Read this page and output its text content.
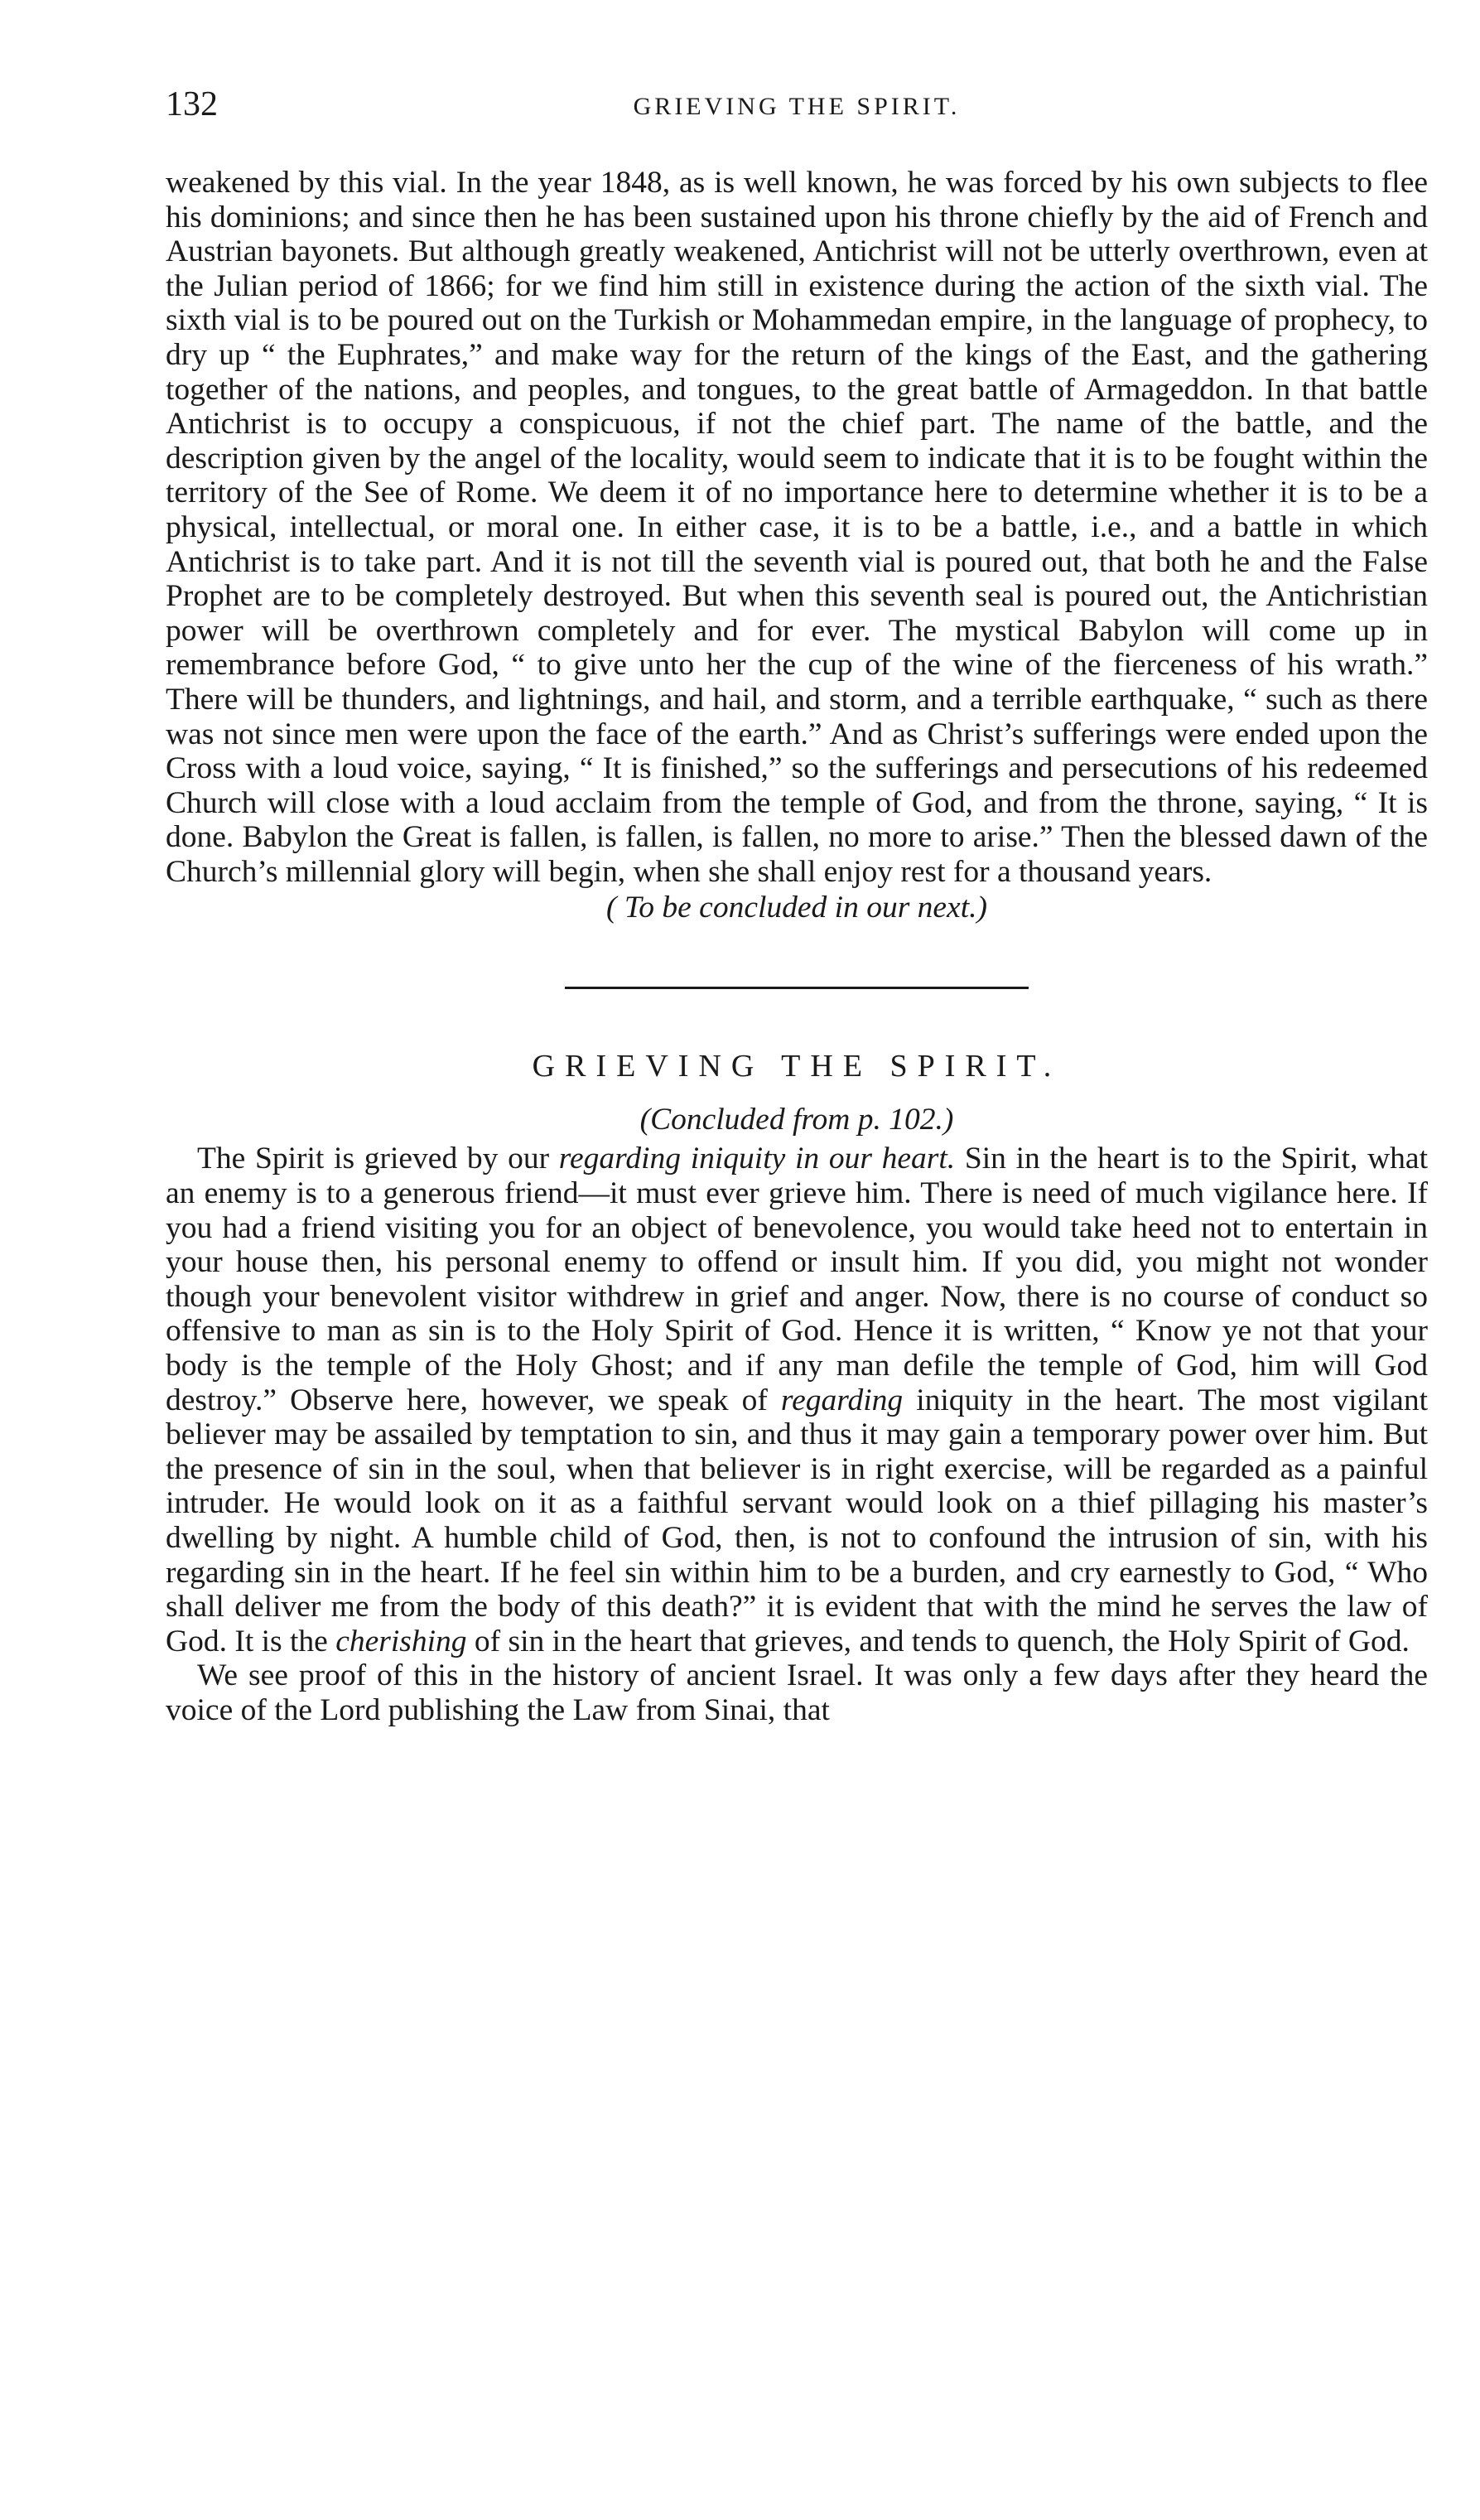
132	GRIEVING THE SPIRIT.

weakened by this vial. In the year 1848, as is well known, he was forced by his own subjects to flee his dominions; and since then he has been sustained upon his throne chiefly by the aid of French and Austrian bayonets. But although greatly weakened, Antichrist will not be utterly overthrown, even at the Julian period of 1866; for we find him still in existence during the action of the sixth vial. The sixth vial is to be poured out on the Turkish or Mohammedan empire, in the language of prophecy, to dry up “ the Euphrates,” and make way for the return of the kings of the East, and the gathering together of the nations, and peoples, and tongues, to the great battle of Armageddon. In that battle Antichrist is to occupy a conspicuous, if not the chief part. The name of the battle, and the description given by the angel of the locality, would seem to indicate that it is to be fought within the territory of the See of Rome. We deem it of no importance here to determine whether it is to be a physical, intellectual, or moral one. In either case, it is to be a battle, i.e., and a battle in which Antichrist is to take part. And it is not till the seventh vial is poured out, that both he and the False Prophet are to be completely destroyed. But when this seventh seal is poured out, the Antichristian power will be overthrown completely and for ever. The mystical Babylon will come up in remembrance before God, “ to give unto her the cup of the wine of the fierceness of his wrath.” There will be thunders, and lightnings, and hail, and storm, and a terrible earthquake, “ such as there was not since men were upon the face of the earth.” And as Christ’s sufferings were ended upon the Cross with a loud voice, saying, “ It is finished,” so the sufferings and persecutions of his redeemed Church will close with a loud acclaim from the temple of God, and from the throne, saying, “ It is done. Babylon the Great is fallen, is fallen, is fallen, no more to arise.” Then the blessed dawn of the Church’s millennial glory will begin, when she shall enjoy rest for a thousand years.

( To be concluded in our next.)
GRIEVING THE SPIRIT.
(Concluded from p. 102.)

The Spirit is grieved by our regarding iniquity in our heart. Sin in the heart is to the Spirit, what an enemy is to a generous friend—it must ever grieve him. There is need of much vigilance here. If you had a friend visiting you for an object of benevolence, you would take heed not to entertain in your house then, his personal enemy to offend or insult him. If you did, you might not wonder though your benevolent visitor withdrew in grief and anger. Now, there is no course of conduct so offensive to man as sin is to the Holy Spirit of God. Hence it is written, “ Know ye not that your body is the temple of the Holy Ghost; and if any man defile the temple of God, him will God destroy.” Observe here, however, we speak of regarding iniquity in the heart. The most vigilant believer may be assailed by temptation to sin, and thus it may gain a temporary power over him. But the presence of sin in the soul, when that believer is in right exercise, will be regarded as a painful intruder. He would look on it as a faithful servant would look on a thief pillaging his master’s dwelling by night. A humble child of God, then, is not to confound the intrusion of sin, with his regarding sin in the heart. If he feel sin within him to be a burden, and cry earnestly to God, “ Who shall deliver me from the body of this death?” it is evident that with the mind he serves the law of God. It is the cherishing of sin in the heart that grieves, and tends to quench, the Holy Spirit of God.

We see proof of this in the history of ancient Israel. It was only a few days after they heard the voice of the Lord publishing the Law from Sinai, that
